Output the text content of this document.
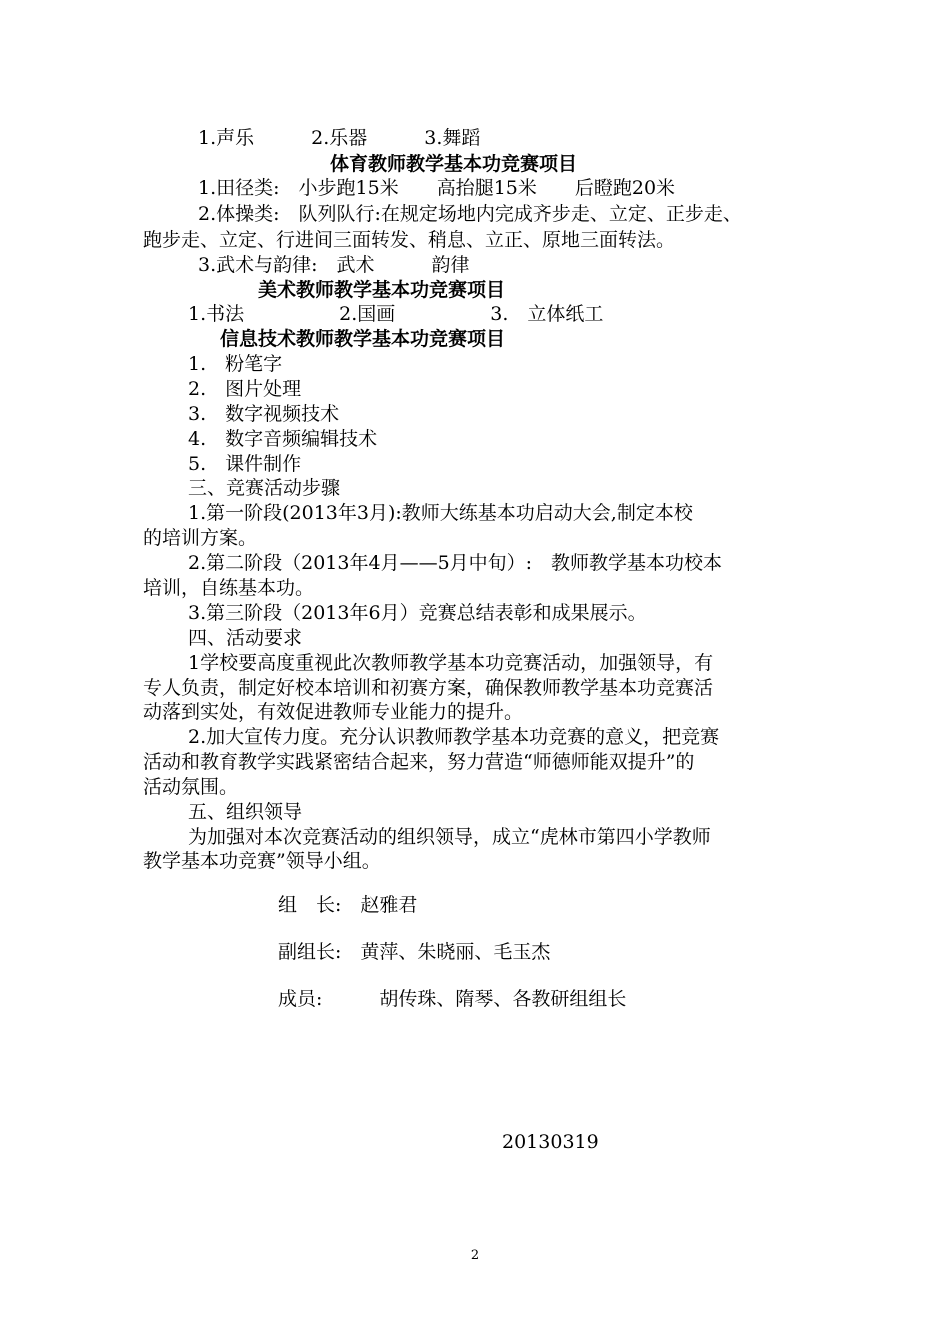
1.声乐　　　2.乐器　　　3.舞蹈
体育教师教学基本功竞赛项目
1.田径类:　小步跑15米　　高抬腿15米　　后瞪跑20米
2.体操类:　队列队行:在规定场地内完成齐步走、立定、正步走、
跑步走、立定、行进间三面转发、稍息、立正、原地三面转法。
3.武术与韵律:　武术　　　韵律
美术教师教学基本功竞赛项目
1.书法　　　　　2.国画　　　　　3.　立体纸工
信息技术教师教学基本功竞赛项目
1.　粉笔字
2.　图片处理
3.　数字视频技术
4.　数字音频编辑技术
5.　课件制作
三、竞赛活动步骤
1.第一阶段(2013年3月):教师大练基本功启动大会,制定本校
的培训方案。
2.第二阶段（2013年4月——5月中旬）:　教师教学基本功校本
培训，自练基本功。
3.第三阶段（2013年6月）竞赛总结表彰和成果展示。
四、活动要求
1学校要高度重视此次教师教学基本功竞赛活动，加强领导，有
专人负责，制定好校本培训和初赛方案，确保教师教学基本功竞赛活
动落到实处，有效促进教师专业能力的提升。
2.加大宣传力度。充分认识教师教学基本功竞赛的意义，把竞赛
活动和教育教学实践紧密结合起来，努力营造“师德师能双提升”的
活动氛围。
五、组织领导
为加强对本次竞赛活动的组织领导，成立“虎林市第四小学教师
教学基本功竞赛”领导小组。
组　长:　赵雅君
副组长:　黄萍、朱晓丽、毛玉杰
成员:　　　胡传珠、隋琴、各教研组组长
20130319
2
